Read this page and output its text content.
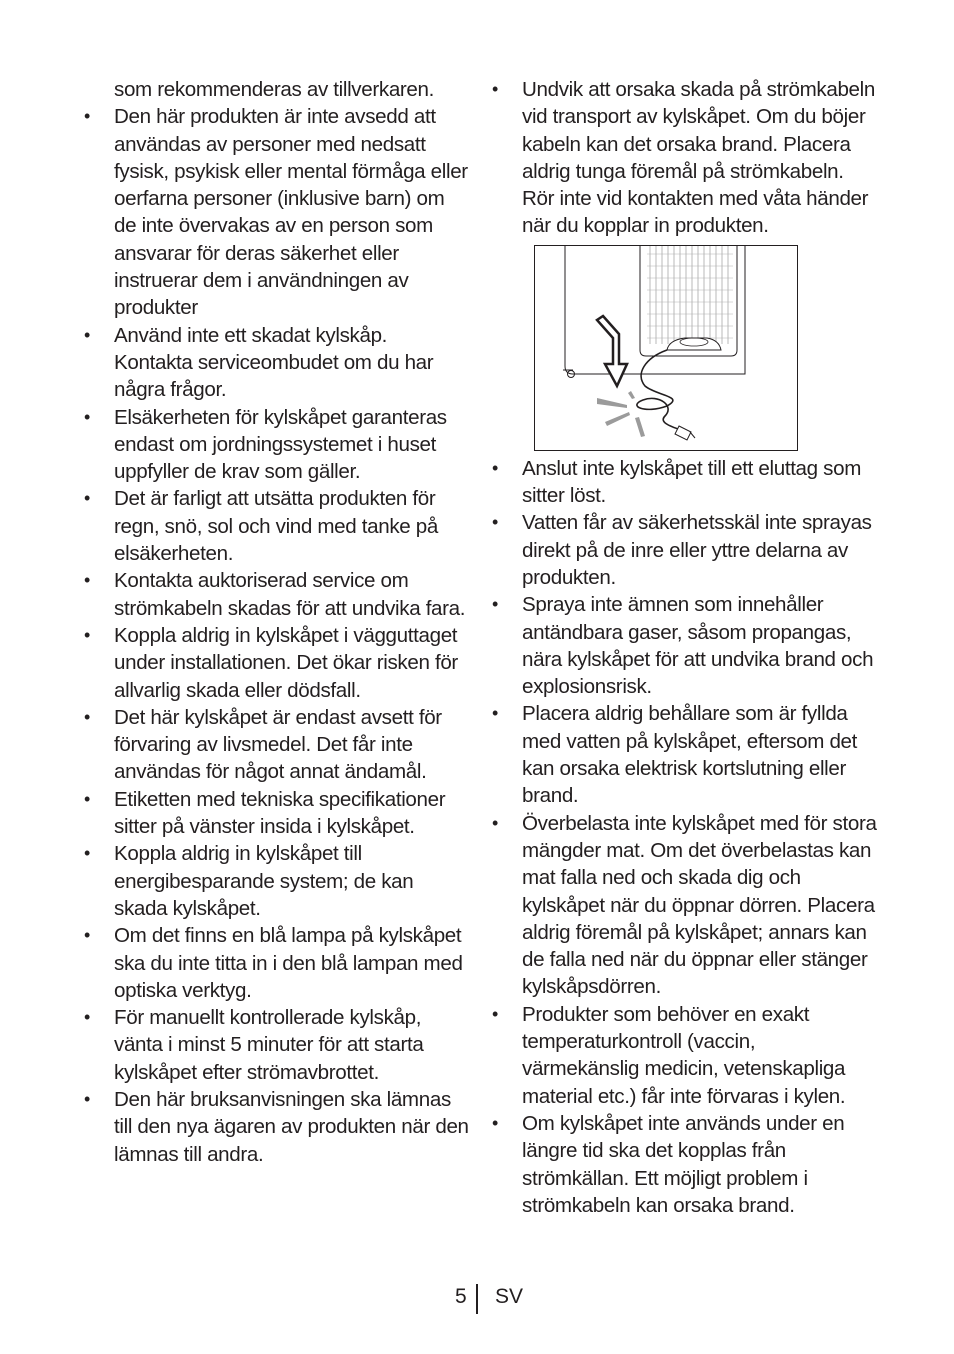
som rekommenderas av tillverkaren.

• Den här produkten är inte avsedd att användas av personer med nedsatt fysisk, psykisk eller mental förmåga eller oerfarna personer (inklusive barn) om de inte övervakas av en person som ansvarar för deras säkerhet eller instruerar dem i användningen av produkter
• Använd inte ett skadat kylskåp. Kontakta serviceombudet om du har några frågor.
• Elsäkerheten för kylskåpet garanteras endast om jordningssystemet i huset uppfyller de krav som gäller.
• Det är farligt att utsätta produkten för regn, snö, sol och vind med tanke på elsäkerheten.
• Kontakta auktoriserad service om strömkabeln skadas för att undvika fara.
• Koppla aldrig in kylskåpet i vägguttaget under installationen. Det ökar risken för allvarlig skada eller dödsfall.
• Det här kylskåpet är endast avsett för förvaring av livsmedel. Det får inte användas för något annat ändamål.
• Etiketten med tekniska specifikationer sitter på vänster insida i kylskåpet.
• Koppla aldrig in kylskåpet till energibesparande system; de kan skada kylskåpet.
• Om det finns en blå lampa på kylskåpet ska du inte titta in i den blå lampan med optiska verktyg.
• För manuellt kontrollerade kylskåp, vänta i minst 5 minuter för att starta kylskåpet efter strömavbrottet.
• Den här bruksanvisningen ska lämnas till den nya ägaren av produkten när den lämnas till andra.
• Undvik att orsaka skada på strömkabeln vid transport av kylskåpet. Om du böjer kabeln kan det orsaka brand. Placera aldrig tunga föremål på strömkabeln. Rör inte vid kontakten med våta händer när du kopplar in produkten.
• Anslut inte kylskåpet till ett eluttag som sitter löst.
• Vatten får av säkerhetsskäl inte sprayas direkt på de inre eller yttre delarna av produkten.
• Spraya inte ämnen som innehåller antändbara gaser, såsom propangas, nära kylskåpet för att undvika brand och explosionsrisk.
• Placera aldrig behållare som är fyllda med vatten på kylskåpet, eftersom det kan orsaka elektrisk kortslutning eller brand.
• Överbelasta inte kylskåpet med för stora mängder mat. Om det överbelastas kan mat falla ned och skada dig och kylskåpet när du öppnar dörren. Placera aldrig föremål på kylskåpet; annars kan de falla ned när du öppnar eller stänger kylskåpsdörren.
• Produkter som behöver en exakt temperaturkontroll (vaccin, värmekänslig medicin, vetenskapliga material etc.) får inte förvaras i kylen.
• Om kylskåpet inte används under en längre tid ska det kopplas från strömkällan. Ett möjligt problem i strömkabeln kan orsaka brand.
5 SV
